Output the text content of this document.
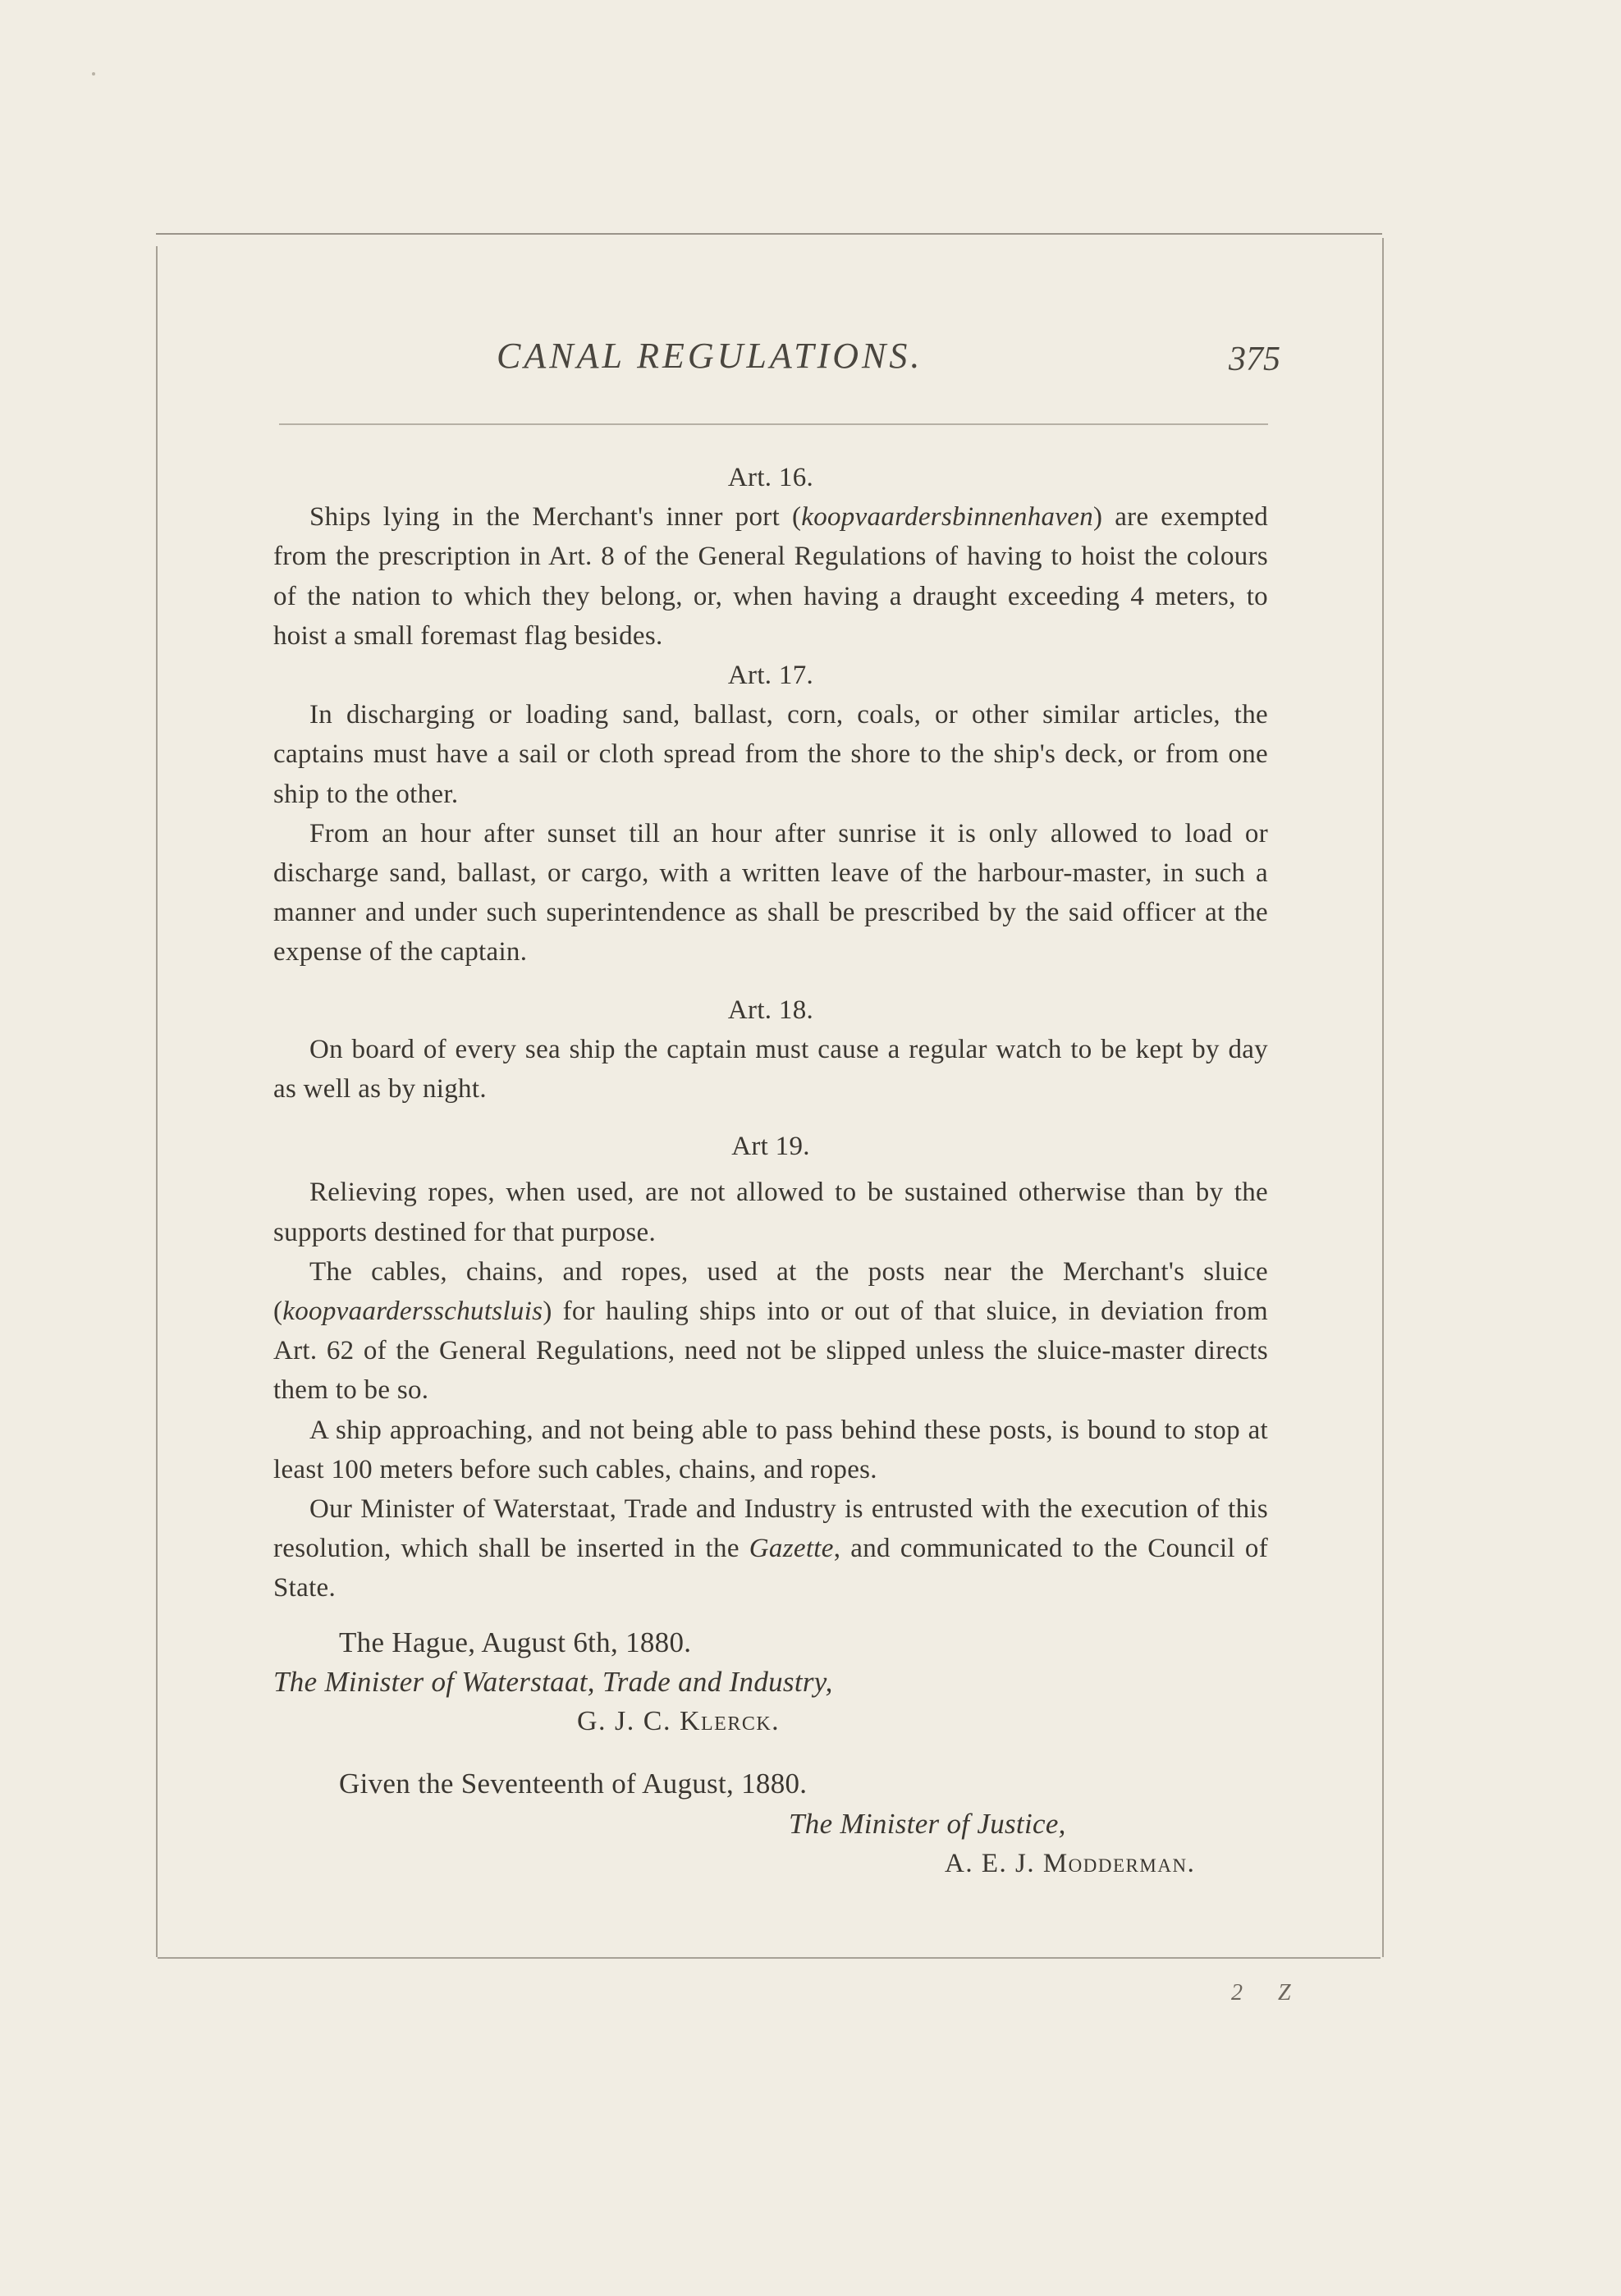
CANAL REGULATIONS.	375

Art. 16.

Ships lying in the Merchant's inner port (koopvaardersbinnenhaven) are exempted from the prescription in Art. 8 of the General Regulations of having to hoist the colours of the nation to which they belong, or, when having a draught exceeding 4 meters, to hoist a small foremast flag besides.

Art. 17.

In discharging or loading sand, ballast, corn, coals, or other similar articles, the captains must have a sail or cloth spread from the shore to the ship's deck, or from one ship to the other.

From an hour after sunset till an hour after sunrise it is only allowed to load or discharge sand, ballast, or cargo, with a written leave of the harbour-master, in such a manner and under such superintendence as shall be prescribed by the said officer at the expense of the captain.

Art. 18.

On board of every sea ship the captain must cause a regular watch to be kept by day as well as by night.

Art 19.

Relieving ropes, when used, are not allowed to be sustained otherwise than by the supports destined for that purpose.

The cables, chains, and ropes, used at the posts near the Merchant's sluice (koopvaardersschutsluis) for hauling ships into or out of that sluice, in deviation from Art. 62 of the General Regulations, need not be slipped unless the sluice-master directs them to be so.

A ship approaching, and not being able to pass behind these posts, is bound to stop at least 100 meters before such cables, chains, and ropes.

Our Minister of Waterstaat, Trade and Industry is entrusted with the execution of this resolution, which shall be inserted in the Gazette, and communicated to the Council of State.

The Hague, August 6th, 1880.

The Minister of Waterstaat, Trade and Industry,

G. J. C. Klerck.

Given the Seventeenth of August, 1880.

The Minister of Justice,

A. E. J. Modderman.

2 Z
